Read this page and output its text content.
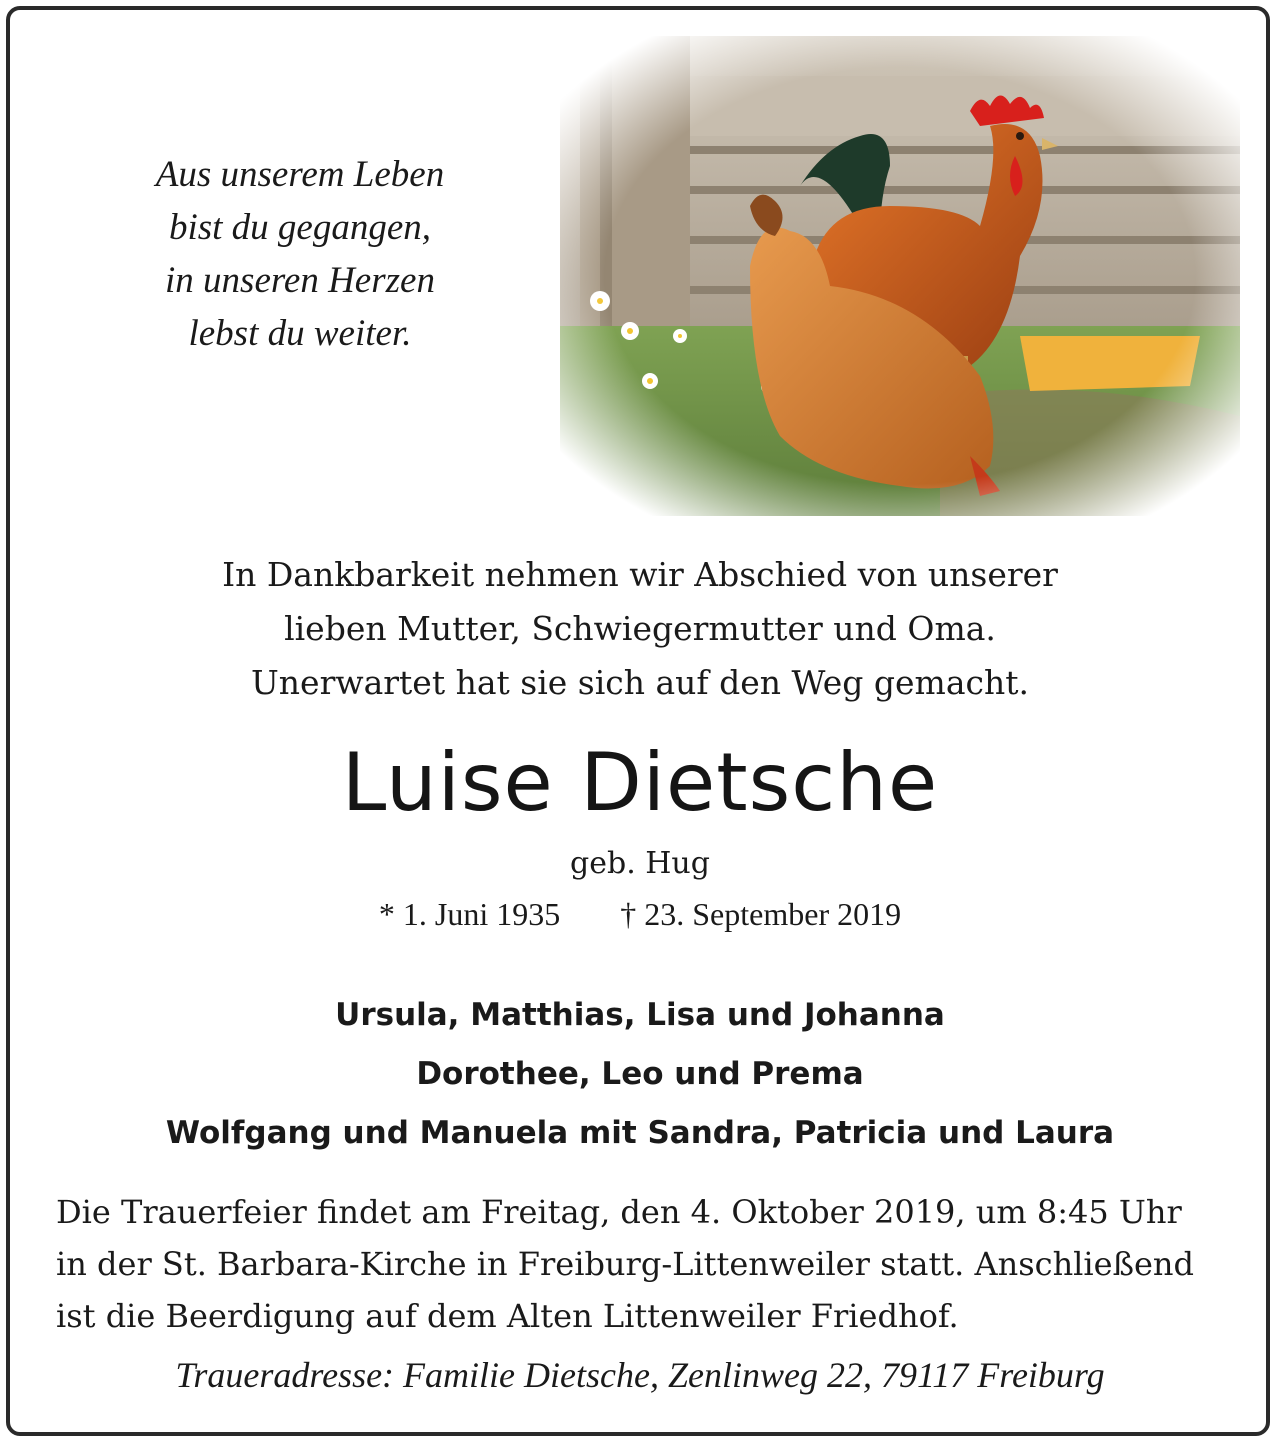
Aus unserem Leben
bist du gegangen,
in unseren Herzen
lebst du weiter.
In Dankbarkeit nehmen wir Abschied von unserer
lieben Mutter, Schwiegermutter und Oma.
Unerwartet hat sie sich auf den Weg gemacht.
Luise Dietsche
geb. Hug
* 1. Juni 1935 † 23. September 2019
Ursula, Matthias, Lisa und Johanna
Dorothee, Leo und Prema
Wolfgang und Manuela mit Sandra, Patricia und Laura
Die Trauerfeier findet am Freitag, den 4. Oktober 2019, um 8:45 Uhr
in der St. Barbara-Kirche in Freiburg-Littenweiler statt. Anschließend
ist die Beerdigung auf dem Alten Littenweiler Friedhof.
Traueradresse: Familie Dietsche, Zenlinweg 22, 79117 Freiburg
